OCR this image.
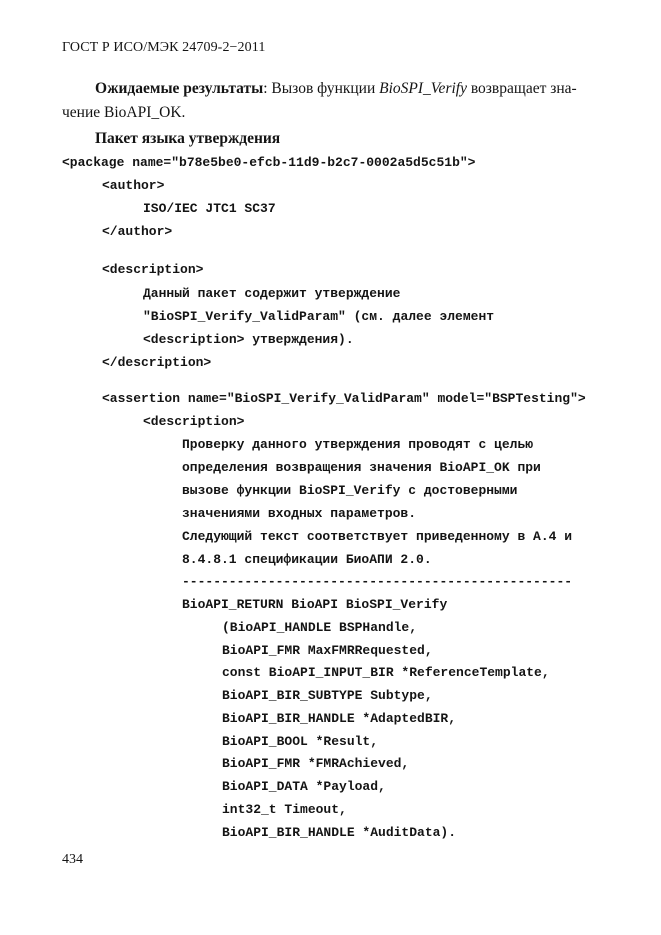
ГОСТ Р ИСО/МЭК 24709-2−2011
Ожидаемые результаты: Вызов функции BioSPI_Verify возвращает зна-
чение BioAPI_OK.
Пакет языка утверждения

<package name="b78e5be0-efcb-11d9-b2c7-0002a5d5c51b">

<author>

ISO/IEC JTC1 SC37

</author>

<description>

Данный пакет содержит утверждение

"BioSPI_Verify_ValidParam" (см. далее элемент

<description> утверждения).

</description>

<assertion name="BioSPI_Verify_ValidParam" model="BSPTesting">

<description>

Проверку данного утверждения проводят с целью

определения возвращения значения BioAPI_OK при

вызове функции BioSPI_Verify с достоверными

значениями входных параметров.

Следующий текст соответствует приведенному в А.4 и

8.4.8.1 спецификации БиоАПИ 2.0.

--------------------------------------------------

BioAPI_RETURN BioAPI BioSPI_Verify

(BioAPI_HANDLE BSPHandle,

BioAPI_FMR MaxFMRRequested,

const BioAPI_INPUT_BIR *ReferenceTemplate,

BioAPI_BIR_SUBTYPE Subtype,

BioAPI_BIR_HANDLE *AdaptedBIR,

BioAPI_BOOL *Result,

BioAPI_FMR *FMRAchieved,

BioAPI_DATA *Payload,

int32_t Timeout,

BioAPI_BIR_HANDLE *AuditData).

434
